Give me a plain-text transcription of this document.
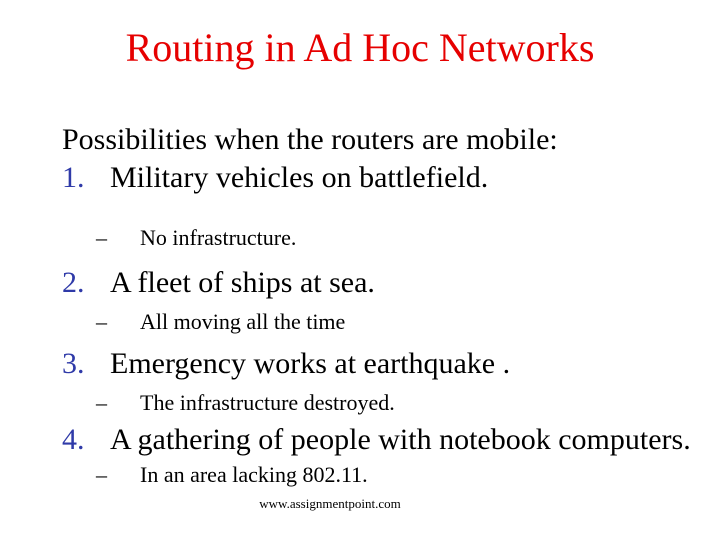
Routing in Ad Hoc Networks
Possibilities when the routers are mobile:
1. Military vehicles on battlefield.
– No infrastructure.
2. A fleet of ships at sea.
– All moving all the time
3. Emergency works at earthquake .
– The infrastructure destroyed.
4. A gathering of people with notebook computers.
– In an area lacking 802.11.
www.assignmentpoint.com
